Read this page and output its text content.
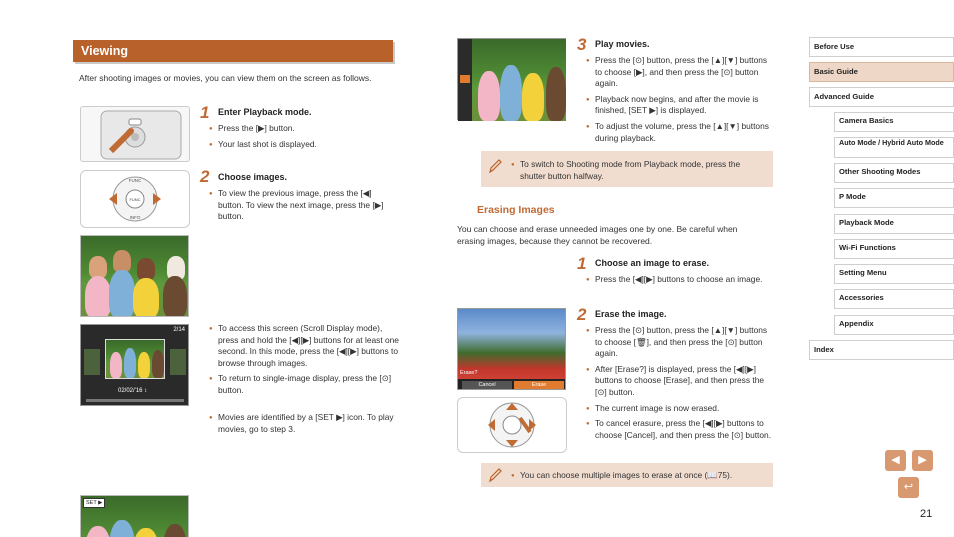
Viewing
After shooting images or movies, you can view them on the screen as follows.
1 Enter Playback mode.
● Press the [▶] button.
● Your last shot is displayed.
FUNC
FUNC
INFO
2 Choose images.
● To view the previous image, press the [◀] button. To view the next image, press the [▶] button.
2/14
02/02/'16 ↕
● To access this screen (Scroll Display mode), press and hold the [◀][▶] buttons for at least one second. In this mode, press the [◀][▶] buttons to browse through images.
● To return to single-image display, press the [⊙] button.
SET ▶
● Movies are identified by a [SET ▶] icon. To play movies, go to step 3.
3 Play movies.
● Press the [⊙] button, press the [▲][▼] buttons to choose [▶], and then press the [⊙] button again.
● Playback now begins, and after the movie is finished, [SET ▶] is displayed.
● To adjust the volume, press the [▲][▼] buttons during playback.
● To switch to Shooting mode from Playback mode, press the shutter button halfway.
Erasing Images
You can choose and erase unneeded images one by one. Be careful when erasing images, because they cannot be recovered.
1 Choose an image to erase.
● Press the [◀][▶] buttons to choose an image.
Erase?
Cancel	Erase
2 Erase the image.
● Press the [⊙] button, press the [▲][▼] buttons to choose [🗑], and then press the [⊙] button again.
● After [Erase?] is displayed, press the [◀][▶] buttons to choose [Erase], and then press the [⊙] button.
● The current image is now erased.
● To cancel erasure, press the [◀][▶] buttons to choose [Cancel], and then press the [⊙] button.
● You can choose multiple images to erase at once (📖75).
Before Use
Basic Guide
Advanced Guide
Camera Basics
Auto Mode / Hybrid Auto Mode
Other Shooting Modes
P Mode
Playback Mode
Wi-Fi Functions
Setting Menu
Accessories
Appendix
Index
◀ ▶
↩
21
